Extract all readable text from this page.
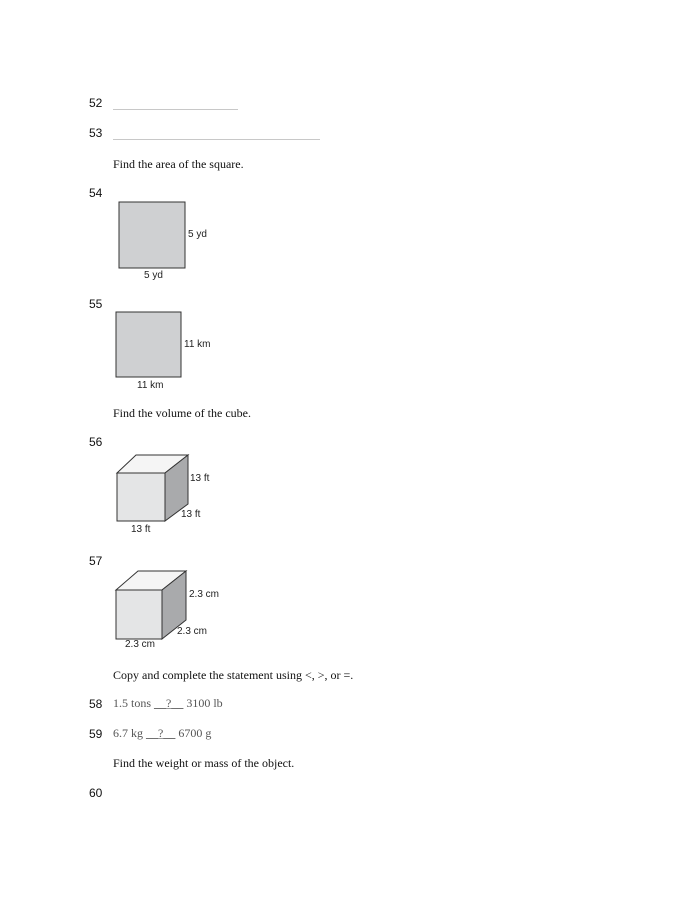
52
53
Find the area of the square.
54
5 yd
5 yd
55
11 km
11 km
Find the volume of the cube.
56
13 ft
13 ft
13 ft
57
2.3 cm
2.3 cm
2.3 cm
Copy and complete the statement using <, >, or =.
58 1.5 tons __?__ 3100 lb
59 6.7 kg __?__ 6700 g
Find the weight or mass of the object.
60
